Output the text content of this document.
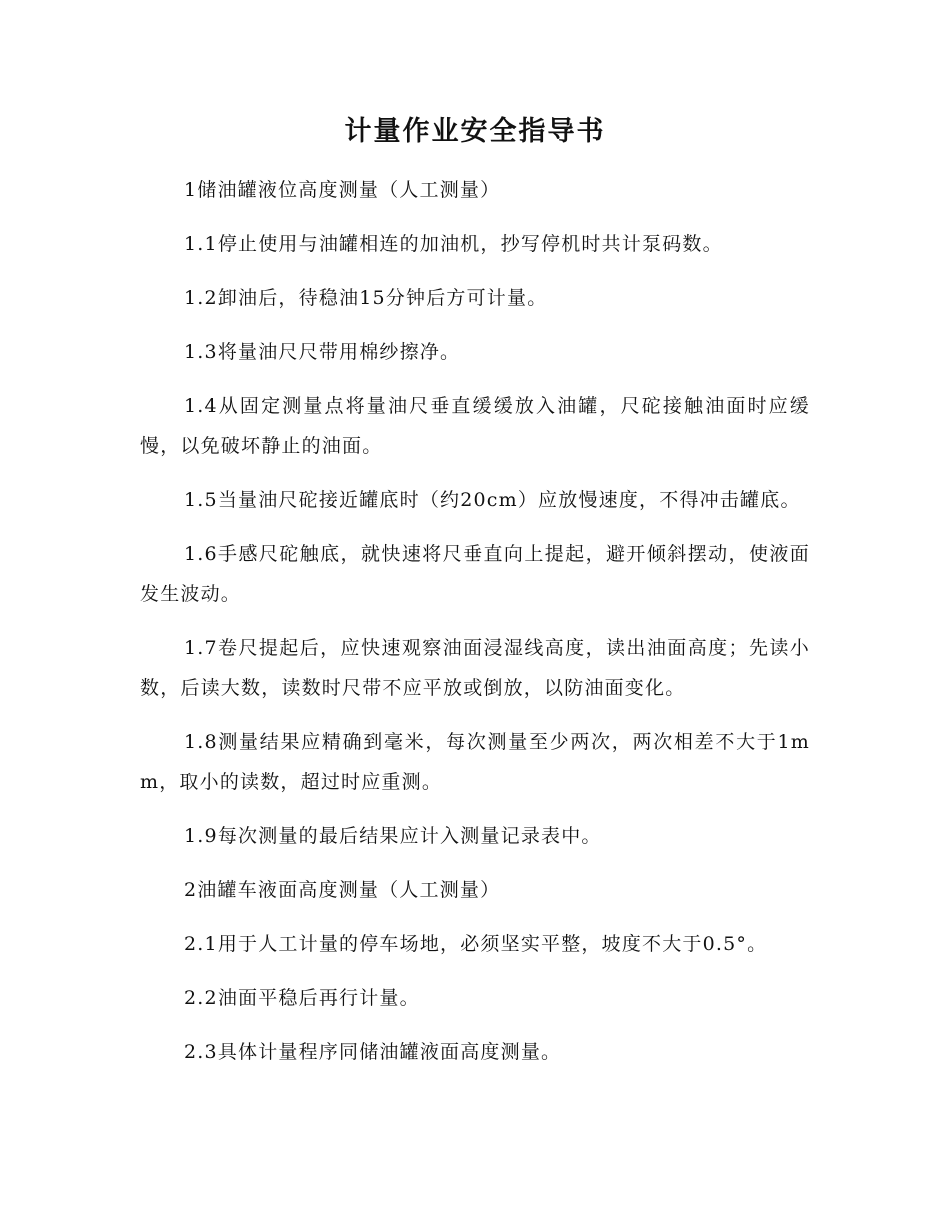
计量作业安全指导书

1储油罐液位高度测量（人工测量）

1.1停止使用与油罐相连的加油机，抄写停机时共计泵码数。

1.2卸油后，待稳油15分钟后方可计量。

1.3将量油尺尺带用棉纱擦净。

1.4从固定测量点将量油尺垂直缓缓放入油罐，尺砣接触油面时应缓慢，以免破坏静止的油面。

1.5当量油尺砣接近罐底时（约20cm）应放慢速度，不得冲击罐底。

1.6手感尺砣触底，就快速将尺垂直向上提起，避开倾斜摆动，使液面发生波动。

1.7卷尺提起后，应快速观察油面浸湿线高度，读出油面高度；先读小数，后读大数，读数时尺带不应平放或倒放，以防油面变化。

1.8测量结果应精确到毫米，每次测量至少两次，两次相差不大于1mm，取小的读数，超过时应重测。

1.9每次测量的最后结果应计入测量记录表中。

2油罐车液面高度测量（人工测量）

2.1用于人工计量的停车场地，必须坚实平整，坡度不大于0.5°。

2.2油面平稳后再行计量。

2.3具体计量程序同储油罐液面高度测量。
